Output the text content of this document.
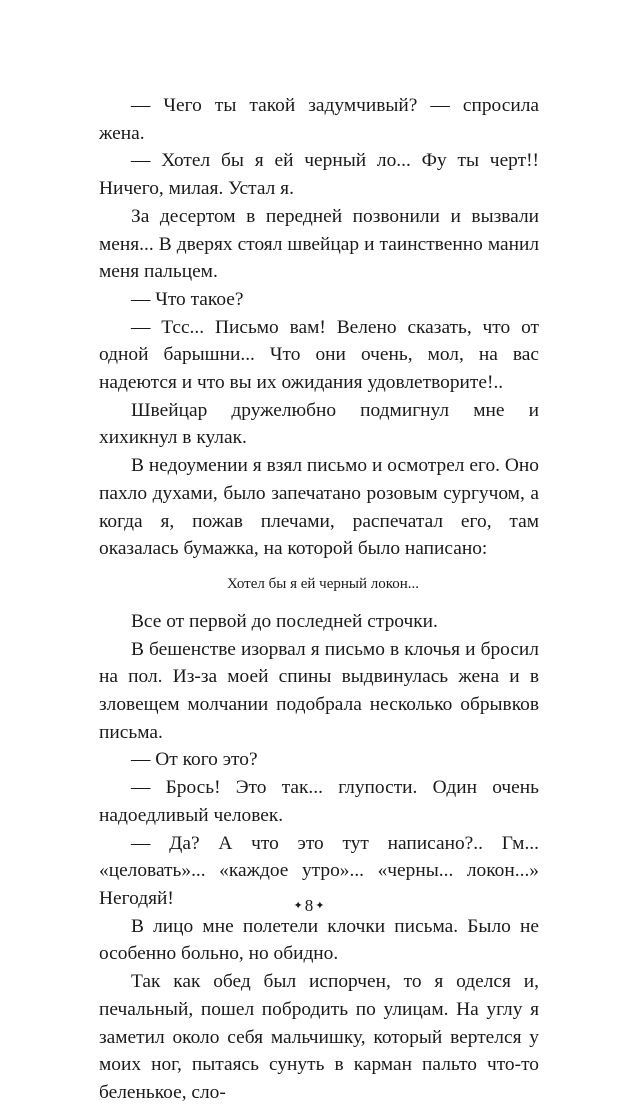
— Чего ты такой задумчивый? — спросила жена.

— Хотел бы я ей черный ло... Фу ты черт!! Ничего, милая. Устал я.

За десертом в передней позвонили и вызвали меня... В дверях стоял швейцар и таинственно манил меня пальцем.

— Что такое?

— Тсс... Письмо вам! Велено сказать, что от одной барышни... Что они очень, мол, на вас надеются и что вы их ожидания удовлетворите!..

Швейцар дружелюбно подмигнул мне и хихикнул в кулак.

В недоумении я взял письмо и осмотрел его. Оно пахло духами, было запечатано розовым сургучом, а когда я, пожав плечами, распечатал его, там оказалась бумажка, на которой было написано:

Хотел бы я ей черный локон...

Все от первой до последней строчки.

В бешенстве изорвал я письмо в клочья и бросил на пол. Из-за моей спины выдвинулась жена и в зловещем молчании подобрала несколько обрывков письма.

— От кого это?

— Брось! Это так... глупости. Один очень надоедливый человек.

— Да? А что это тут написано?.. Гм... «целовать»... «каждое утро»... «черны... локон...» Негодяй!

В лицо мне полетели клочки письма. Было не особенно больно, но обидно.

Так как обед был испорчен, то я оделся и, печальный, пошел побродить по улицам. На углу я заметил около себя мальчишку, который вертелся у моих ног, пытаясь сунуть в карман пальто что-то беленькое, сло-

✦ 8 ✦
